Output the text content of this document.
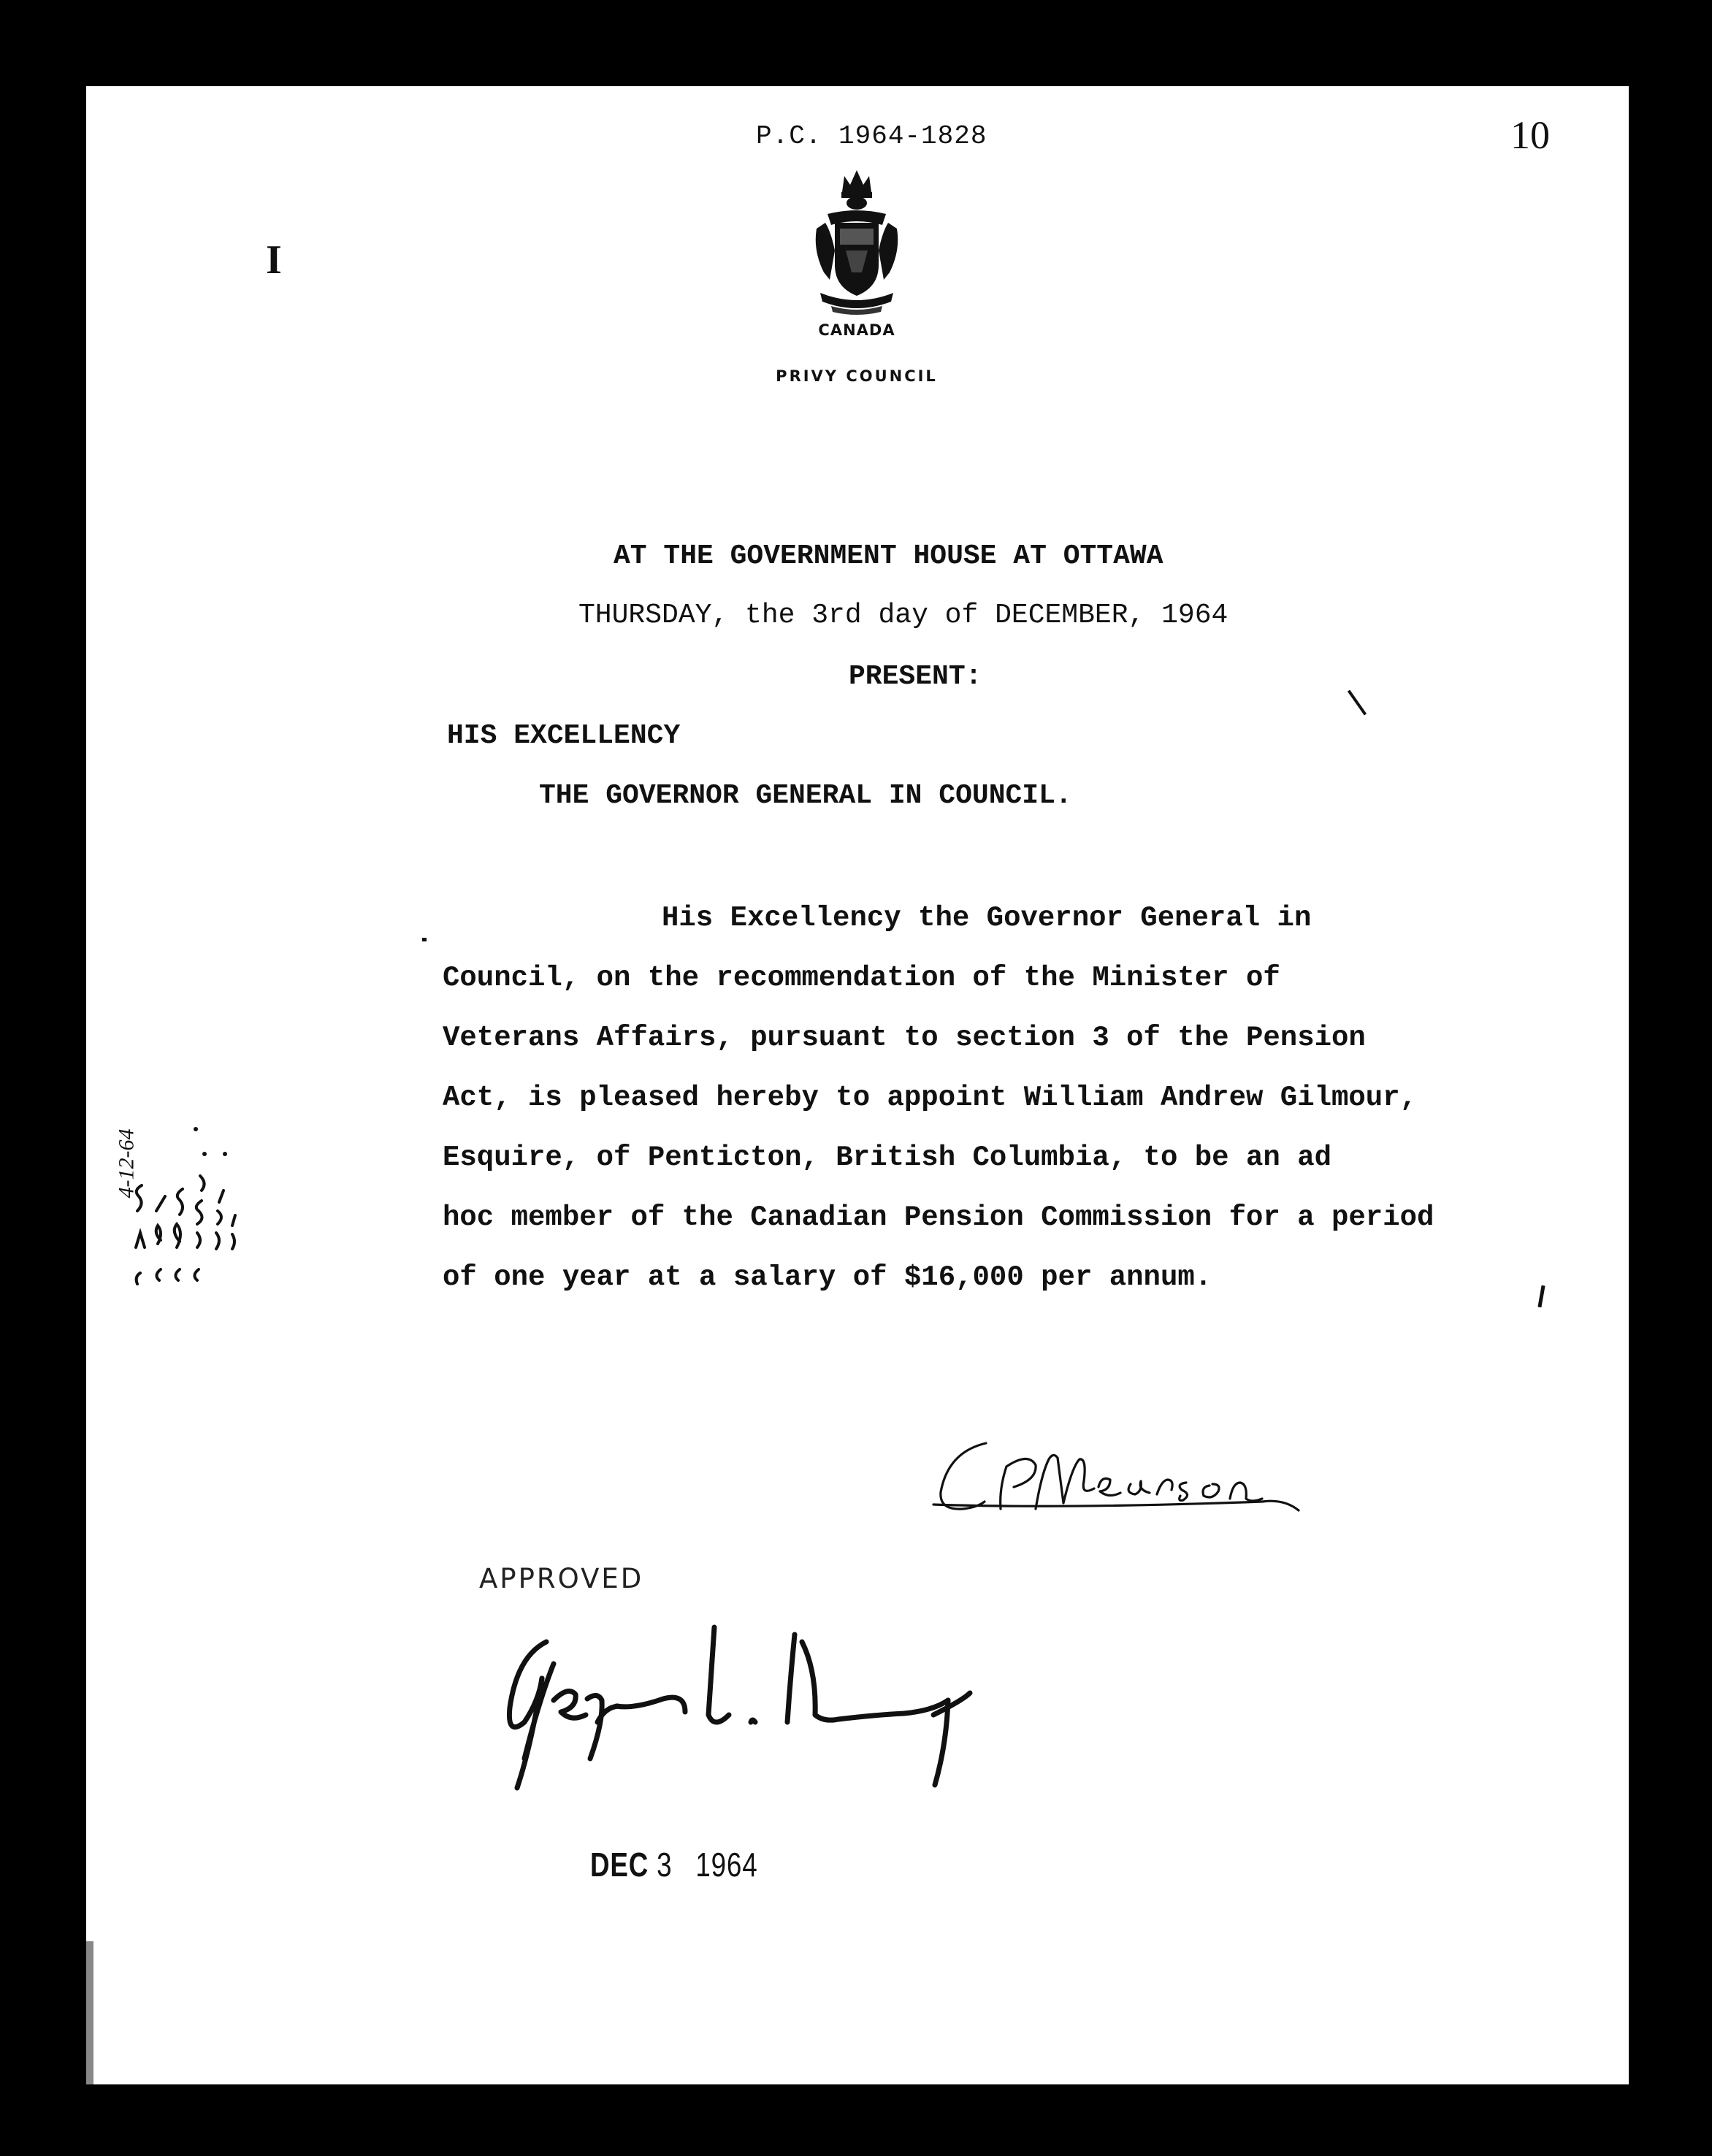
P.C. 1964-1828	10

I

CANADA

PRIVY COUNCIL

AT THE GOVERNMENT HOUSE AT OTTAWA

THURSDAY, the 3rd day of DECEMBER, 1964

PRESENT:

HIS EXCELLENCY

THE GOVERNOR GENERAL IN COUNCIL.

His Excellency the Governor General in

Council, on the recommendation of the Minister of

Veterans Affairs, pursuant to section 3 of the Pension

Act, is pleased hereby to appoint William Andrew Gilmour,

Esquire, of Penticton, British Columbia, to be an ad

hoc member of the Canadian Pension Commission for a period

of one year at a salary of $16,000 per annum.

4-12-64

APPROVED

DEC 3 1964
